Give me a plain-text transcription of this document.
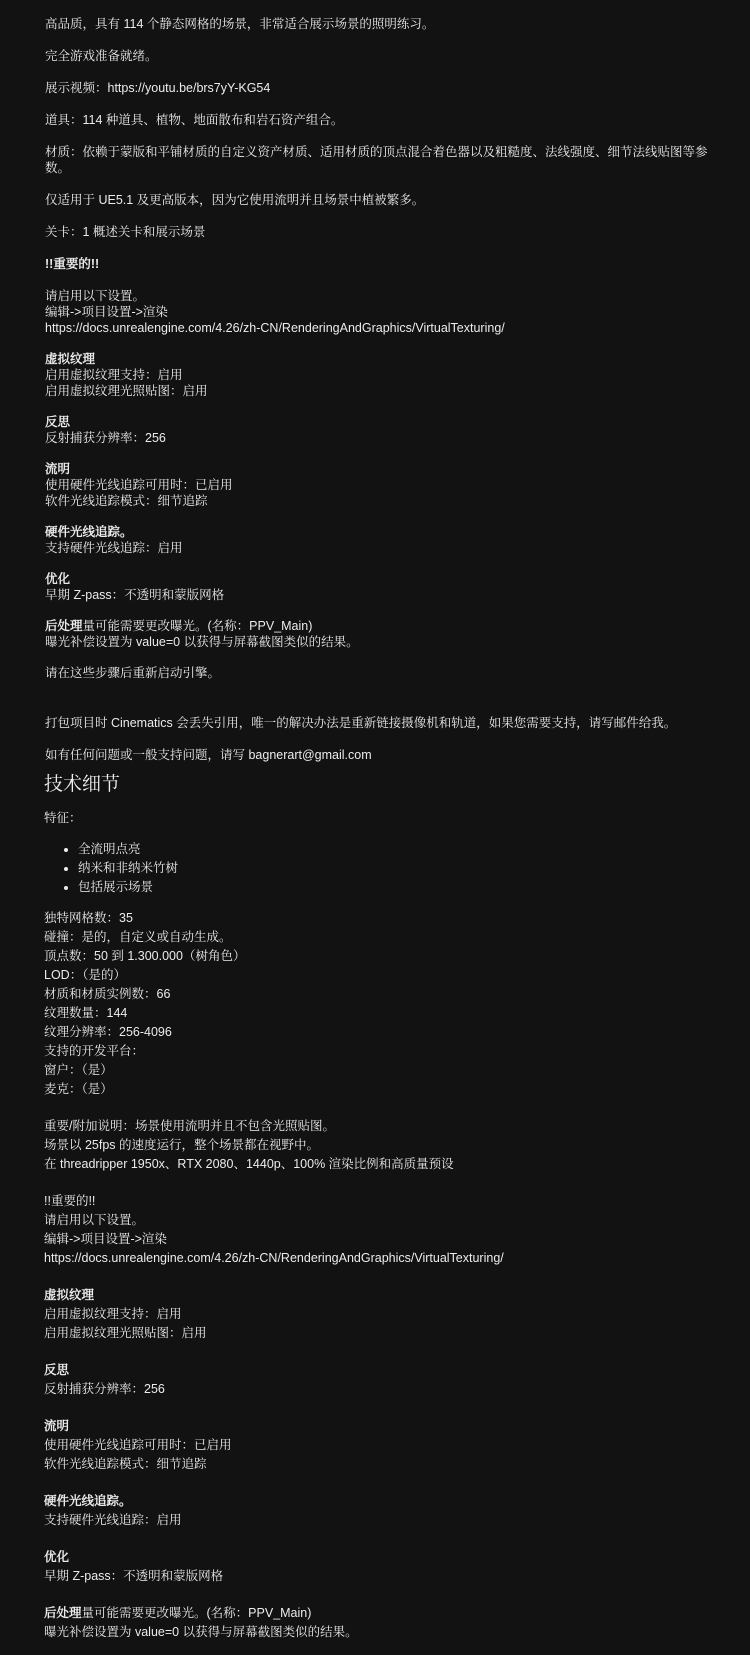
高品质，具有 114 个静态网格的场景，非常适合展示场景的照明练习。

完全游戏准备就绪。

展示视频：https://youtu.be/brs7yY-KG54

道具：114 种道具、植物、地面散布和岩石资产组合。

材质：依赖于蒙版和平铺材质的自定义资产材质、适用材质的顶点混合着色器以及粗糙度、法线强度、细节法线贴图等参数。

仅适用于 UE5.1 及更高版本，因为它使用流明并且场景中植被繁多。

关卡：1 概述关卡和展示场景

!!重要的!!

请启用以下设置。

编辑->项目设置->渲染

https://docs.unrealengine.com/4.26/zh-CN/RenderingAndGraphics/VirtualTexturing/

虚拟纹理

启用虚拟纹理支持：启用

启用虚拟纹理光照贴图：启用

反思

反射捕获分辨率：256

流明

使用硬件光线追踪可用时：已启用

软件光线追踪模式：细节追踪

硬件光线追踪。

支持硬件光线追踪：启用

优化

早期 Z-pass：不透明和蒙版网格

后处理量可能需要更改曝光。(名称：PPV_Main)

曝光补偿设置为 value=0 以获得与屏幕截图类似的结果。

请在这些步骤后重新启动引擎。

打包项目时 Cinematics 会丢失引用，唯一的解决办法是重新链接摄像机和轨道，如果您需要支持，请写邮件给我。

如有任何问题或一般支持问题，请写 bagnerart@gmail.com

技术细节

特征：

• 全流明点亮
• 纳米和非纳米竹树
• 包括展示场景

独特网格数：35

碰撞：是的，自定义或自动生成。

顶点数：50 到 1.300.000（树角色）

LOD：（是的）

材质和材质实例数：66

纹理数量：144

纹理分辨率：256-4096

支持的开发平台：

窗户：（是）

麦克：（是）

重要/附加说明：场景使用流明并且不包含光照贴图。

场景以 25fps 的速度运行，整个场景都在视野中。

在 threadripper 1950x、RTX 2080、1440p、100% 渲染比例和高质量预设

!!重要的!!

请启用以下设置。

编辑->项目设置->渲染

https://docs.unrealengine.com/4.26/zh-CN/RenderingAndGraphics/VirtualTexturing/

虚拟纹理

启用虚拟纹理支持：启用

启用虚拟纹理光照贴图：启用

反思

反射捕获分辨率：256

流明

使用硬件光线追踪可用时：已启用

软件光线追踪模式：细节追踪

硬件光线追踪。

支持硬件光线追踪：启用

优化

早期 Z-pass：不透明和蒙版网格

后处理量可能需要更改曝光。(名称：PPV_Main)

曝光补偿设置为 value=0 以获得与屏幕截图类似的结果。
